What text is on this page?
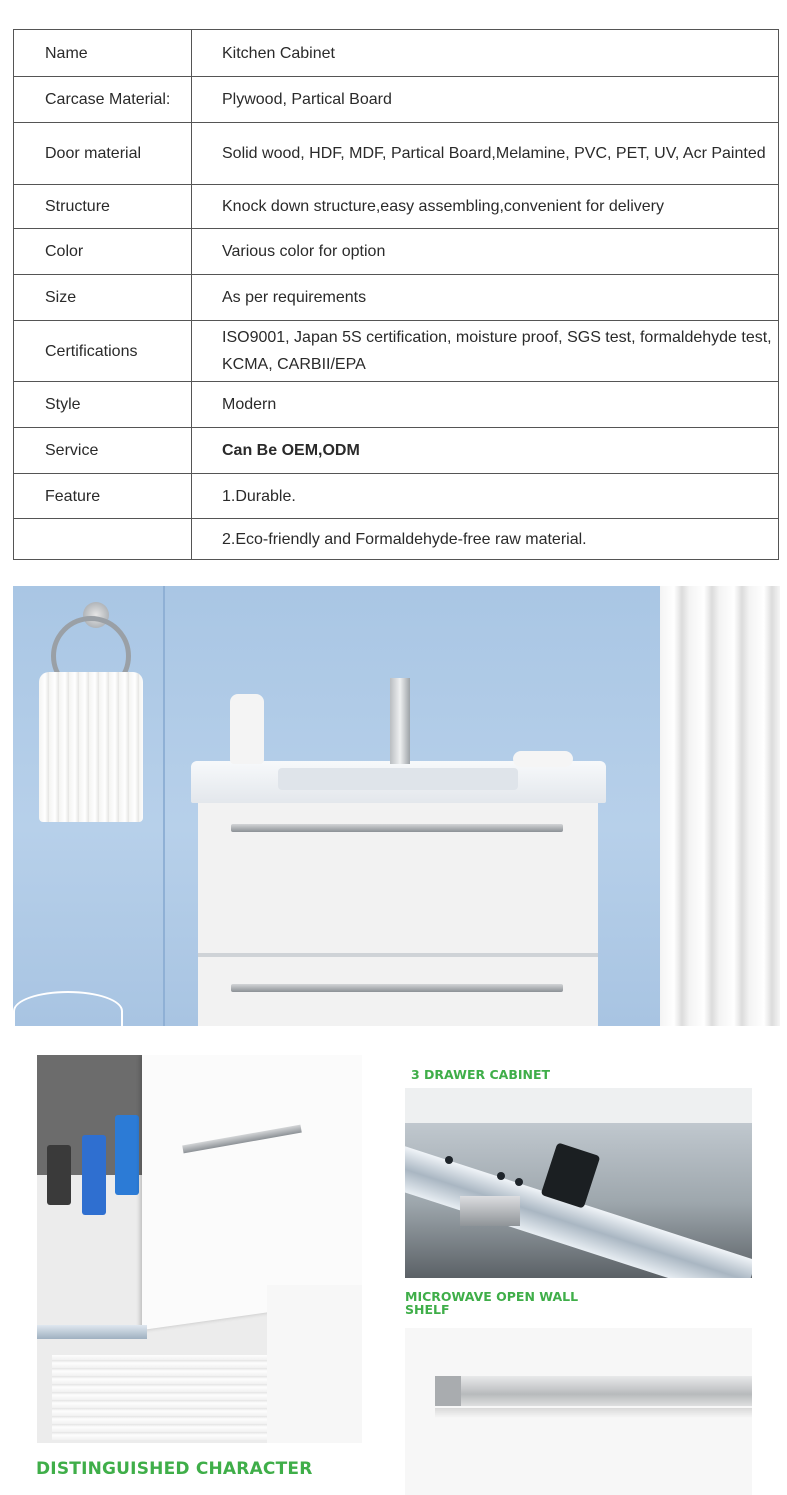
Name	Kitchen Cabinet
Carcase Material:	Plywood, Partical Board
Door material	Solid wood, HDF, MDF, Partical Board,Melamine, PVC, PET, UV, Acr Painted
Structure	Knock down structure,easy assembling,convenient for delivery
Color	Various color for option
Size	As per requirements
Certifications	ISO9001, Japan 5S certification, moisture proof, SGS test, formaldehyde test, KCMA, CARBII/EPA
Style	Modern
Service	Can Be OEM,ODM
Feature	1.Durable.
	2.Eco-friendly and Formaldehyde-free raw material.
3 DRAWER CABINET
MICROWAVE OPEN WALL
SHELF
DISTINGUISHED CHARACTER
